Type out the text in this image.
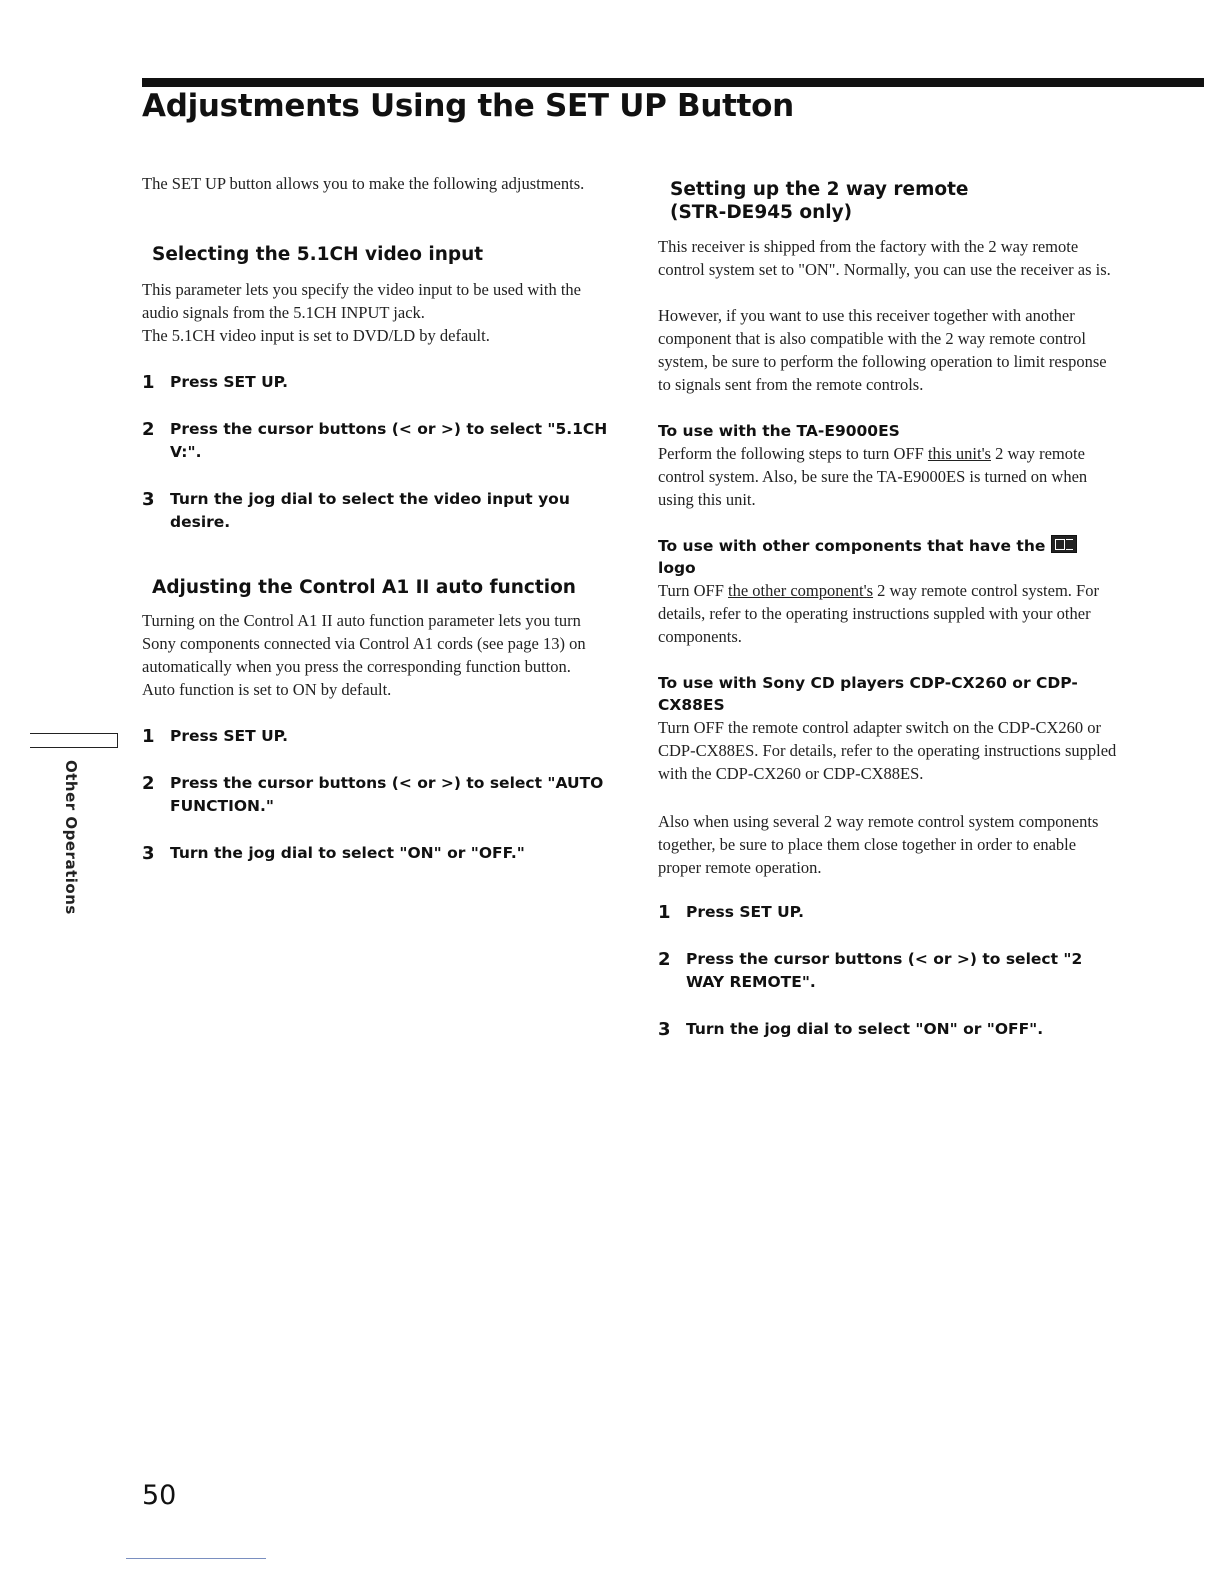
Adjustments Using the SET UP Button

The SET UP button allows you to make the following adjustments.

Selecting the 5.1CH video input

This parameter lets you specify the video input to be used with the audio signals from the 5.1CH INPUT jack.

The 5.1CH video input is set to DVD/LD by default.

1 Press SET UP.
2 Press the cursor buttons (< or >) to select "5.1CH V:".
3 Turn the jog dial to select the video input you desire.
Adjusting the Control A1 II auto function

Turning on the Control A1 II auto function parameter lets you turn Sony components connected via Control A1 cords (see page 13) on automatically when you press the corresponding function button.

Auto function is set to ON by default.

1 Press SET UP.
2 Press the cursor buttons (< or >) to select "AUTO FUNCTION."
3 Turn the jog dial to select "ON" or "OFF."
Setting up the 2 way remote
(STR-DE945 only)

This receiver is shipped from the factory with the 2 way remote control system set to "ON". Normally, you can use the receiver as is.

However, if you want to use this receiver together with another component that is also compatible with the 2 way remote control system, be sure to perform the following operation to limit response to signals sent from the remote controls.

To use with the TA-E9000ES

Perform the following steps to turn OFF this unit's 2 way remote control system. Also, be sure the TA-E9000ES is turned on when using this unit.

To use with other components that have the
logo

Turn OFF the other component's 2 way remote control system. For details, refer to the operating instructions suppled with your other components.

To use with Sony CD players CDP-CX260 or CDP-CX88ES

Turn OFF the remote control adapter switch on the CDP-CX260 or CDP-CX88ES. For details, refer to the operating instructions suppled with the CDP-CX260 or CDP-CX88ES.

Also when using several 2 way remote control system components together, be sure to place them close together in order to enable proper remote operation.

1 Press SET UP.
2 Press the cursor buttons (< or >) to select "2 WAY REMOTE".
3 Turn the jog dial to select "ON" or "OFF".
Other Operations
50
